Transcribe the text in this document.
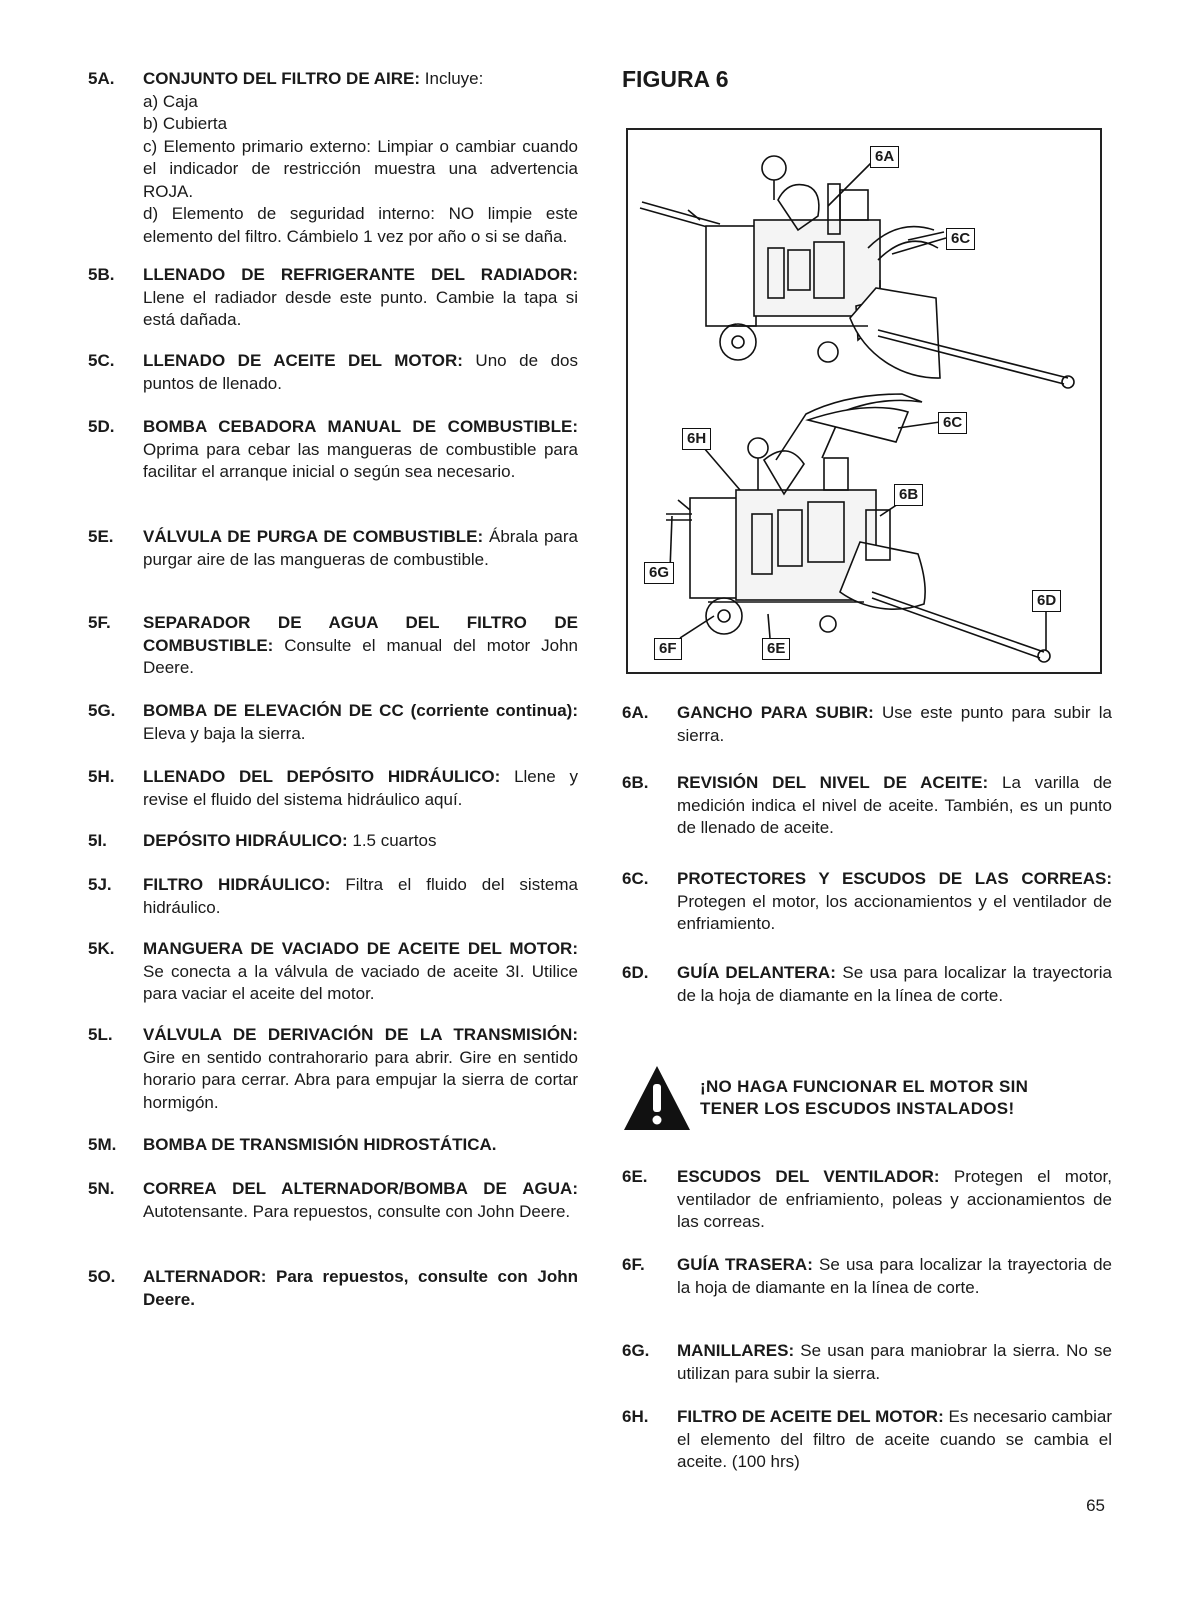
5A. CONJUNTO DEL FILTRO DE AIRE: Incluye:
a) Caja
b) Cubierta
c) Elemento primario externo: Limpiar o cambiar cuando el indicador de restricción muestra una advertencia ROJA.
d) Elemento de seguridad interno: NO limpie este elemento del filtro. Cámbielo 1 vez por año o si se daña.
5B. LLENADO DE REFRIGERANTE DEL RADIADOR: Llene el radiador desde este punto. Cambie la tapa si está dañada.
5C. LLENADO DE ACEITE DEL MOTOR: Uno de dos puntos de llenado.
5D. BOMBA CEBADORA MANUAL DE COMBUSTIBLE: Oprima para cebar las mangueras de combustible para facilitar el arranque inicial o según sea necesario.
5E. VÁLVULA DE PURGA DE COMBUSTIBLE: Ábrala para purgar aire de las mangueras de combustible.
5F. SEPARADOR DE AGUA DEL FILTRO DE COMBUSTIBLE: Consulte el manual del motor John Deere.
5G. BOMBA DE ELEVACIÓN DE CC (corriente continua): Eleva y baja la sierra.
5H. LLENADO DEL DEPÓSITO HIDRÁULICO: Llene y revise el fluido del sistema hidráulico aquí.
5I. DEPÓSITO HIDRÁULICO: 1.5 cuartos
5J. FILTRO HIDRÁULICO: Filtra el fluido del sistema hidráulico.
5K. MANGUERA DE VACIADO DE ACEITE DEL MOTOR: Se conecta a la válvula de vaciado de aceite 3I. Utilice para vaciar el aceite del motor.
5L. VÁLVULA DE DERIVACIÓN DE LA TRANSMISIÓN: Gire en sentido contrahorario para abrir. Gire en sentido horario para cerrar. Abra para empujar la sierra de cortar hormigón.
5M. BOMBA DE TRANSMISIÓN HIDROSTÁTICA.
5N. CORREA DEL ALTERNADOR/BOMBA DE AGUA: Autotensante. Para repuestos, consulte con John Deere.
5O. ALTERNADOR: Para repuestos, consulte con John Deere.
FIGURA 6
6A
6C
6C
6H
6B
6G
6D
6F	6E
6A. GANCHO PARA SUBIR: Use este punto para subir la sierra.
6B. REVISIÓN DEL NIVEL DE ACEITE: La varilla de medición indica el nivel de aceite. También, es un punto de llenado de aceite.
6C. PROTECTORES Y ESCUDOS DE LAS CORREAS: Protegen el motor, los accionamientos y el ventilador de enfriamiento.
6D. GUÍA DELANTERA: Se usa para localizar la trayectoria de la hoja de diamante en la línea de corte.
6E. ESCUDOS DEL VENTILADOR: Protegen el motor, ventilador de enfriamiento, poleas y accionamientos de las correas.
6F. GUÍA TRASERA: Se usa para localizar la trayectoria de la hoja de diamante en la línea de corte.
6G. MANILLARES: Se usan para maniobrar la sierra. No se utilizan para subir la sierra.
6H. FILTRO DE ACEITE DEL MOTOR: Es necesario cambiar el elemento del filtro de aceite cuando se cambia el aceite. (100 hrs)
¡NO HAGA FUNCIONAR EL MOTOR SIN
TENER LOS ESCUDOS INSTALADOS!
65
